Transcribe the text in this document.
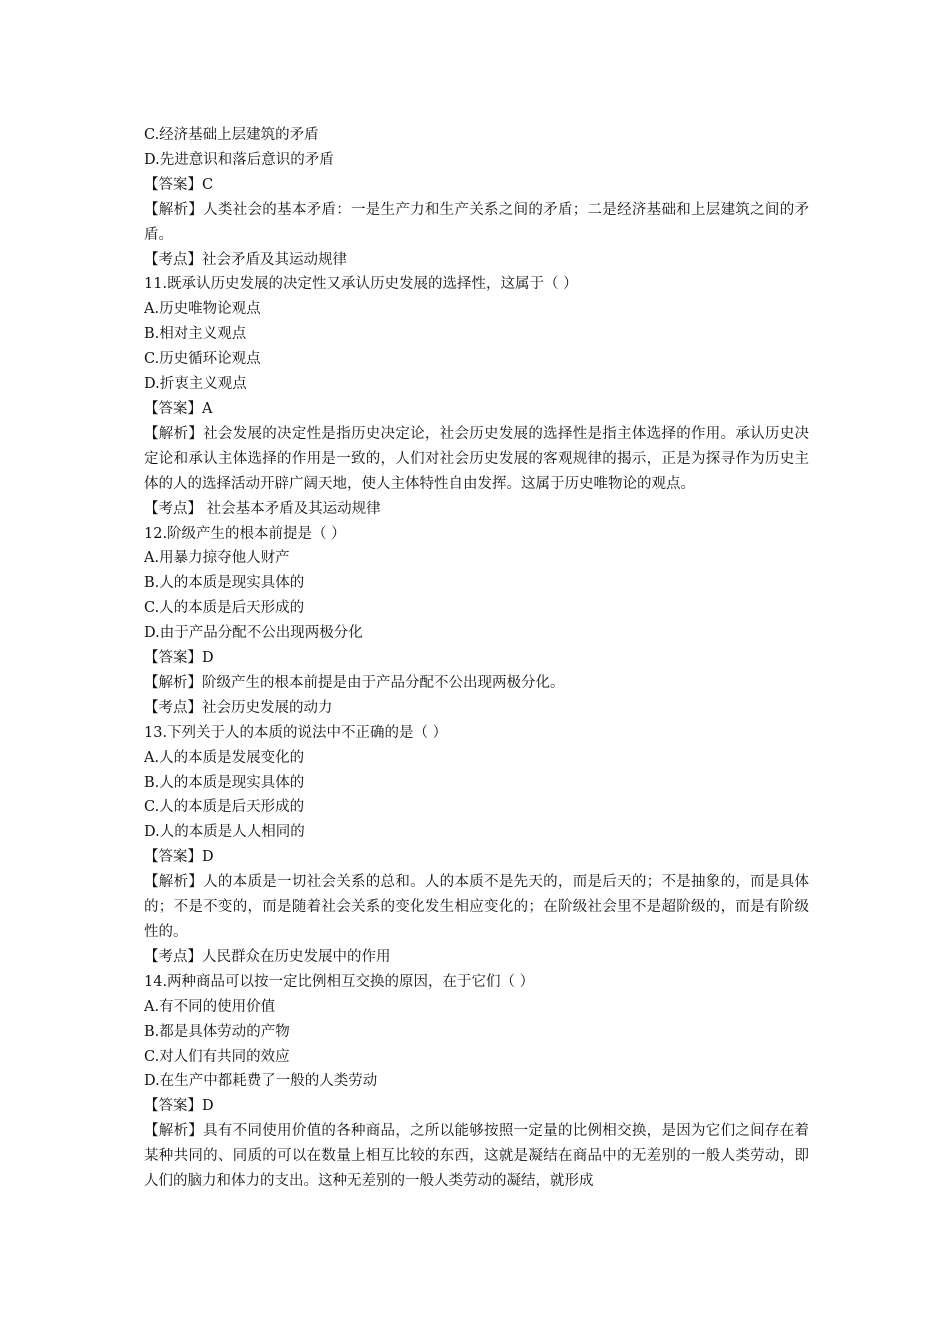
C.经济基础上层建筑的矛盾
D.先进意识和落后意识的矛盾
【答案】C
【解析】人类社会的基本矛盾：一是生产力和生产关系之间的矛盾；二是经济基础和上层建筑之间的矛盾。
【考点】社会矛盾及其运动规律
11.既承认历史发展的决定性又承认历史发展的选择性，这属于（ ）
A.历史唯物论观点
B.相对主义观点
C.历史循环论观点
D.折衷主义观点
【答案】A
【解析】社会发展的决定性是指历史决定论，社会历史发展的选择性是指主体选择的作用。承认历史决定论和承认主体选择的作用是一致的，人们对社会历史发展的客观规律的揭示，正是为探寻作为历史主体的人的选择活动开辟广阔天地，使人主体特性自由发挥。这属于历史唯物论的观点。
【考点】 社会基本矛盾及其运动规律
12.阶级产生的根本前提是（ ）
A.用暴力掠夺他人财产
B.人的本质是现实具体的
C.人的本质是后天形成的
D.由于产品分配不公出现两极分化
【答案】D
【解析】阶级产生的根本前提是由于产品分配不公出现两极分化。
【考点】社会历史发展的动力
13.下列关于人的本质的说法中不正确的是（ ）
A.人的本质是发展变化的
B.人的本质是现实具体的
C.人的本质是后天形成的
D.人的本质是人人相同的
【答案】D
【解析】人的本质是一切社会关系的总和。人的本质不是先天的，而是后天的；不是抽象的，而是具体的；不是不变的，而是随着社会关系的变化发生相应变化的；在阶级社会里不是超阶级的，而是有阶级性的。
【考点】人民群众在历史发展中的作用
14.两种商品可以按一定比例相互交换的原因，在于它们（ ）
A.有不同的使用价值
B.都是具体劳动的产物
C.对人们有共同的效应
D.在生产中都耗费了一般的人类劳动
【答案】D
【解析】具有不同使用价值的各种商品，之所以能够按照一定量的比例相交换，是因为它们之间存在着某种共同的、同质的可以在数量上相互比较的东西，这就是凝结在商品中的无差别的一般人类劳动，即人们的脑力和体力的支出。这种无差别的一般人类劳动的凝结，就形成
